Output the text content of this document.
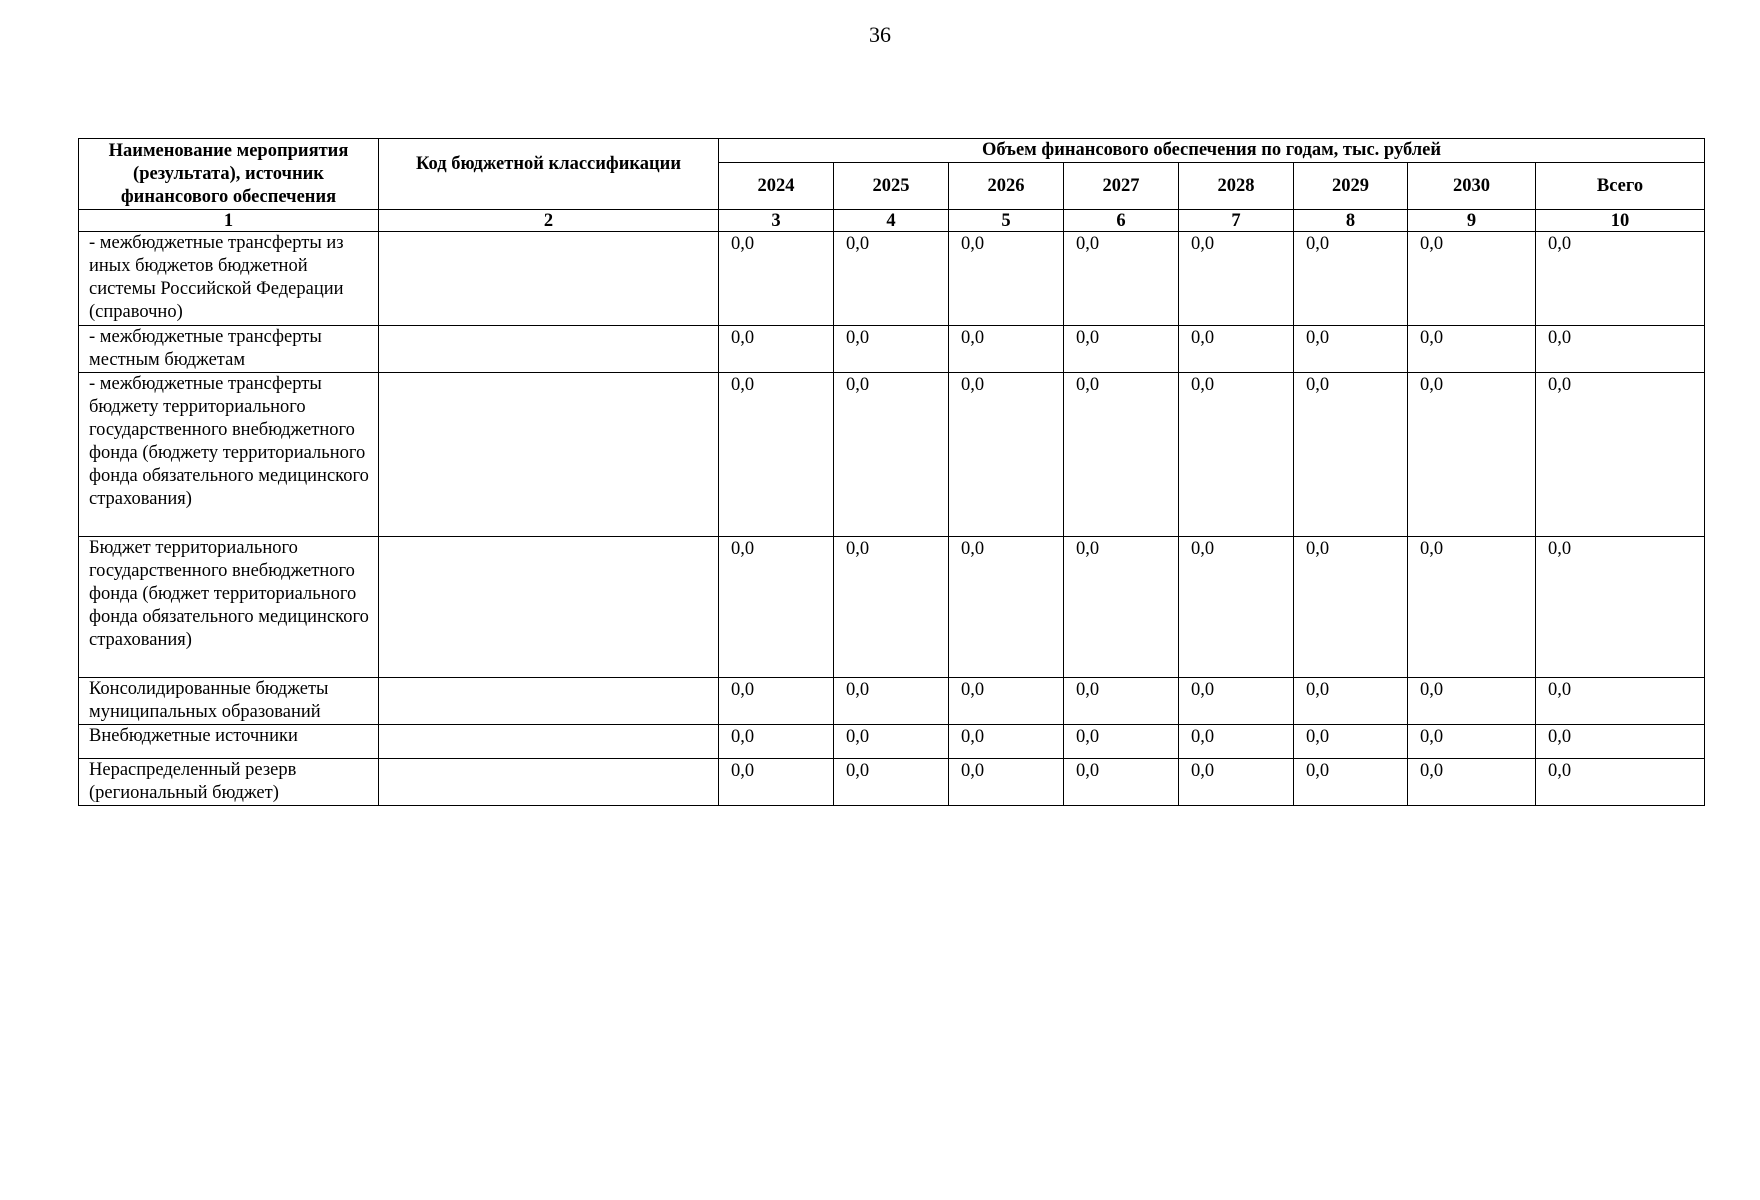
36
Наименование мероприятия (результата), источник финансового обеспечения	Код бюджетной классификации	Объем финансового обеспечения по годам, тыс. рублей							
		2024	2025	2026	2027	2028	2029	2030	Всего
1	2	3	4	5	6	7	8	9	10
- межбюджетные трансферты из иных бюджетов бюджетной системы Российской Федерации (справочно)		0,0	0,0	0,0	0,0	0,0	0,0	0,0	0,0
- межбюджетные трансферты местным бюджетам		0,0	0,0	0,0	0,0	0,0	0,0	0,0	0,0
- межбюджетные трансферты бюджету территориального государственного внебюджетного фонда (бюджету территориального фонда обязательного медицинского страхования)		0,0	0,0	0,0	0,0	0,0	0,0	0,0	0,0
Бюджет территориального государственного внебюджетного фонда (бюджет территориального фонда обязательного медицинского страхования)		0,0	0,0	0,0	0,0	0,0	0,0	0,0	0,0
Консолидированные бюджеты муниципальных образований		0,0	0,0	0,0	0,0	0,0	0,0	0,0	0,0
Внебюджетные источники		0,0	0,0	0,0	0,0	0,0	0,0	0,0	0,0
Нераспределенный резерв (региональный бюджет)		0,0	0,0	0,0	0,0	0,0	0,0	0,0	0,0
